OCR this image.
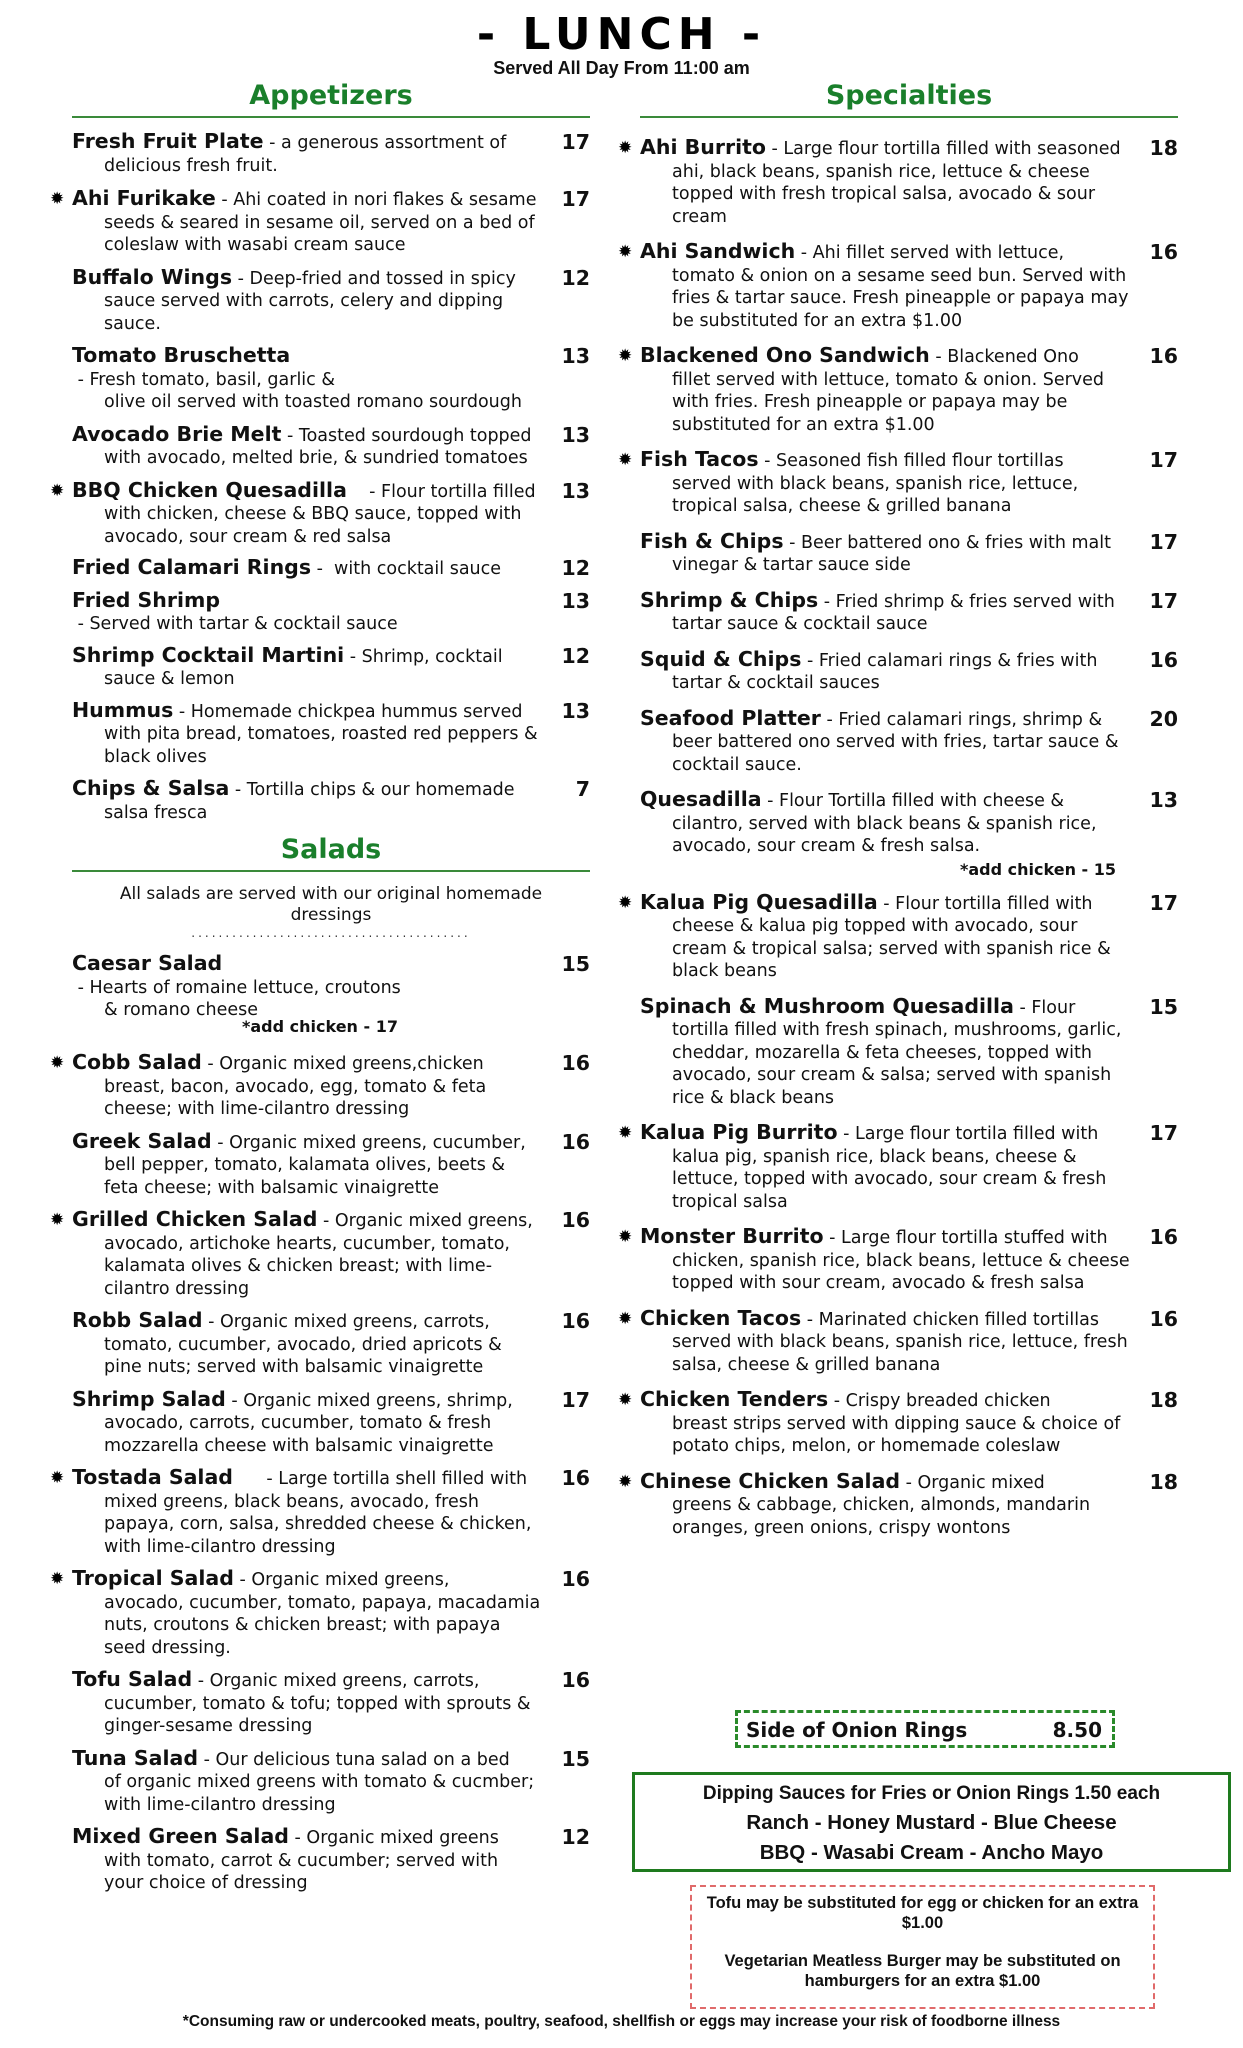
- LUNCH -
Served All Day From 11:00 am
Appetizers
Fresh Fruit Plate - a generous assortment of
delicious fresh fruit.
17
✹ Ahi Furikake - Ahi coated in nori flakes & sesame
seeds & seared in sesame oil, served on a bed of coleslaw with wasabi cream sauce
17
Buffalo Wings - Deep-fried and tossed in spicy
sauce served with carrots, celery and dipping sauce.
12
Tomato Bruschetta - Fresh tomato, basil, garlic &
olive oil served with toasted romano sourdough
13
Avocado Brie Melt - Toasted sourdough topped
with avocado, melted brie, & sundried tomatoes
13
✹ BBQ Chicken Quesadilla    - Flour tortilla filled
with chicken, cheese & BBQ sauce, topped with avocado, sour cream & red salsa
13
Fried Calamari Rings -  with cocktail sauce	12
Fried Shrimp - Served with tartar & cocktail sauce
13
Shrimp Cocktail Martini - Shrimp, cocktail
sauce & lemon
12
Hummus - Homemade chickpea hummus served
with pita bread, tomatoes, roasted red peppers & black olives
13
Chips & Salsa - Tortilla chips & our homemade
salsa fresca
7
Salads
All salads are served with our original homemade dressings
.........................................
Caesar Salad - Hearts of romaine lettuce, croutons
& romano cheese
*add chicken - 17
15
✹ Cobb Salad - Organic mixed greens,chicken
breast, bacon, avocado, egg, tomato & feta cheese; with lime-cilantro dressing
16
Greek Salad - Organic mixed greens, cucumber,
bell pepper, tomato, kalamata olives, beets & feta cheese; with balsamic vinaigrette
16
✹ Grilled Chicken Salad - Organic mixed greens,
avocado, artichoke hearts, cucumber, tomato, kalamata olives & chicken breast; with lime-cilantro dressing
16
Robb Salad - Organic mixed greens, carrots,
tomato, cucumber, avocado, dried apricots & pine nuts; served with balsamic vinaigrette
16
Shrimp Salad - Organic mixed greens, shrimp,
avocado, carrots, cucumber, tomato & fresh mozzarella cheese with balsamic vinaigrette
17
✹ Tostada Salad      - Large tortilla shell filled with
mixed greens, black beans, avocado, fresh papaya, corn, salsa, shredded cheese & chicken, with lime-cilantro dressing
16
✹ Tropical Salad - Organic mixed greens,
avocado, cucumber, tomato, papaya, macadamia nuts, croutons & chicken breast; with papaya seed dressing.
16
Tofu Salad - Organic mixed greens, carrots,
cucumber, tomato & tofu; topped with sprouts & ginger-sesame dressing
16
Tuna Salad - Our delicious tuna salad on a bed
of organic mixed greens with tomato & cucmber; with lime-cilantro dressing
15
Mixed Green Salad - Organic mixed greens
with tomato, carrot & cucumber; served with your choice of dressing
12
Specialties
✹ Ahi Burrito - Large flour tortilla filled with seasoned
ahi, black beans, spanish rice, lettuce & cheese topped with fresh tropical salsa, avocado & sour cream
18
✹ Ahi Sandwich - Ahi fillet served with lettuce,
tomato & onion on a sesame seed bun. Served with fries & tartar sauce. Fresh pineapple or papaya may be substituted for an extra $1.00
16
✹ Blackened Ono Sandwich - Blackened Ono
fillet served with lettuce, tomato & onion. Served with fries. Fresh pineapple or papaya may be substituted for an extra $1.00
16
✹ Fish Tacos - Seasoned fish filled flour tortillas
served with black beans, spanish rice, lettuce, tropical salsa, cheese & grilled banana
17
Fish & Chips - Beer battered ono & fries with malt
vinegar & tartar sauce side
17
Shrimp & Chips - Fried shrimp & fries served with
tartar sauce & cocktail sauce
17
Squid & Chips - Fried calamari rings & fries with
tartar & cocktail sauces
16
Seafood Platter - Fried calamari rings, shrimp &
beer battered ono served with fries, tartar sauce & cocktail sauce.
20
Quesadilla - Flour Tortilla filled with cheese &
cilantro, served with black beans & spanish rice, avocado, sour cream & fresh salsa.
*add chicken - 15
13
✹ Kalua Pig Quesadilla - Flour tortilla filled with
cheese & kalua pig topped with avocado, sour cream & tropical salsa; served with spanish rice & black beans
17
Spinach & Mushroom Quesadilla - Flour
tortilla filled with fresh spinach, mushrooms, garlic, cheddar, mozarella & feta cheeses, topped with avocado, sour cream & salsa; served with spanish rice & black beans
15
✹ Kalua Pig Burrito - Large flour tortila filled with
kalua pig, spanish rice, black beans, cheese & lettuce, topped with avocado, sour cream & fresh tropical salsa
17
✹ Monster Burrito - Large flour tortilla stuffed with
chicken, spanish rice, black beans, lettuce & cheese topped with sour cream, avocado & fresh salsa
16
✹ Chicken Tacos - Marinated chicken filled tortillas
served with black beans, spanish rice, lettuce, fresh salsa, cheese & grilled banana
16
✹ Chicken Tenders - Crispy breaded chicken
breast strips served with dipping sauce & choice of potato chips, melon, or homemade coleslaw
18
✹ Chinese Chicken Salad - Organic mixed
greens & cabbage, chicken, almonds, mandarin oranges, green onions, crispy wontons
18
Side of Onion Rings	8.50
Dipping Sauces for Fries or Onion Rings 1.50 each
Ranch - Honey Mustard - Blue Cheese
BBQ - Wasabi Cream - Ancho Mayo

Tofu may be substituted for egg or chicken for an extra $1.00

Vegetarian Meatless Burger may be substituted on hamburgers for an extra $1.00

*Consuming raw or undercooked meats, poultry, seafood, shellfish or eggs may increase your risk of foodborne illness
